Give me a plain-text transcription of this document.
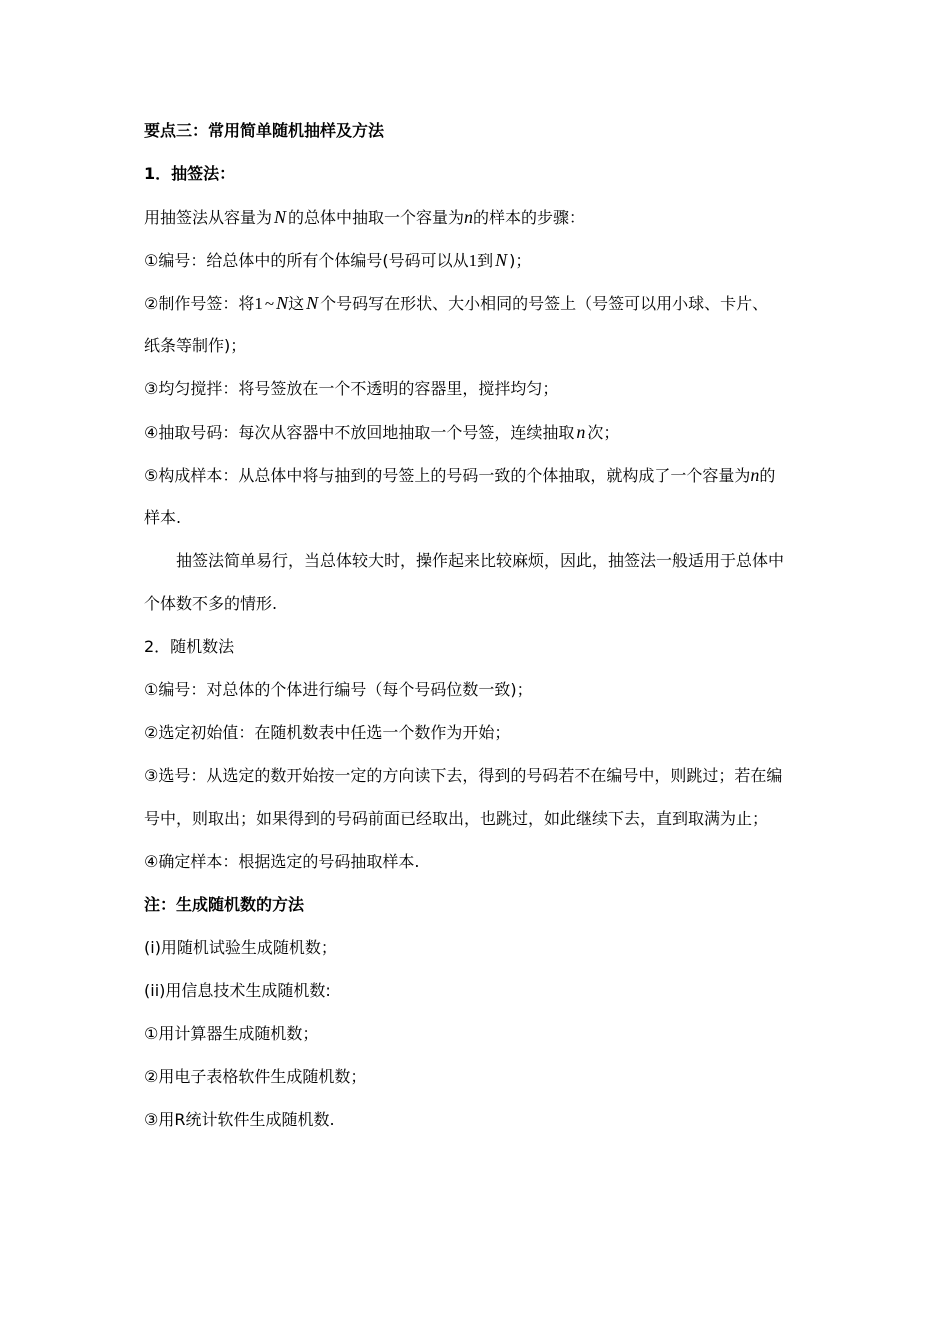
要点三：常用简单随机抽样及方法
1．抽签法：
用抽签法从容量为 N 的总体中抽取一个容量为n的样本的步骤：
①编号：给总体中的所有个体编号(号码可以从1到 N )；
②制作号签：将1 ~ N这 N 个号码写在形状、大小相同的号签上（号签可以用小球、卡片、
纸条等制作)；
③均匀搅拌：将号签放在一个不透明的容器里，搅拌均匀；
④抽取号码：每次从容器中不放回地抽取一个号签，连续抽取 n 次；
⑤构成样本：从总体中将与抽到的号签上的号码一致的个体抽取，就构成了一个容量为n的
样本.
抽签法简单易行，当总体较大时，操作起来比较麻烦，因此，抽签法一般适用于总体中
个体数不多的情形.
2．随机数法
①编号：对总体的个体进行编号（每个号码位数一致)；
②选定初始值：在随机数表中任选一个数作为开始；
③选号：从选定的数开始按一定的方向读下去，得到的号码若不在编号中，则跳过；若在编
号中，则取出；如果得到的号码前面已经取出，也跳过，如此继续下去，直到取满为止；
④确定样本：根据选定的号码抽取样本.
注：生成随机数的方法
(i)用随机试验生成随机数；
(ii)用信息技术生成随机数:
①用计算器生成随机数；
②用电子表格软件生成随机数；
③用R统计软件生成随机数.
